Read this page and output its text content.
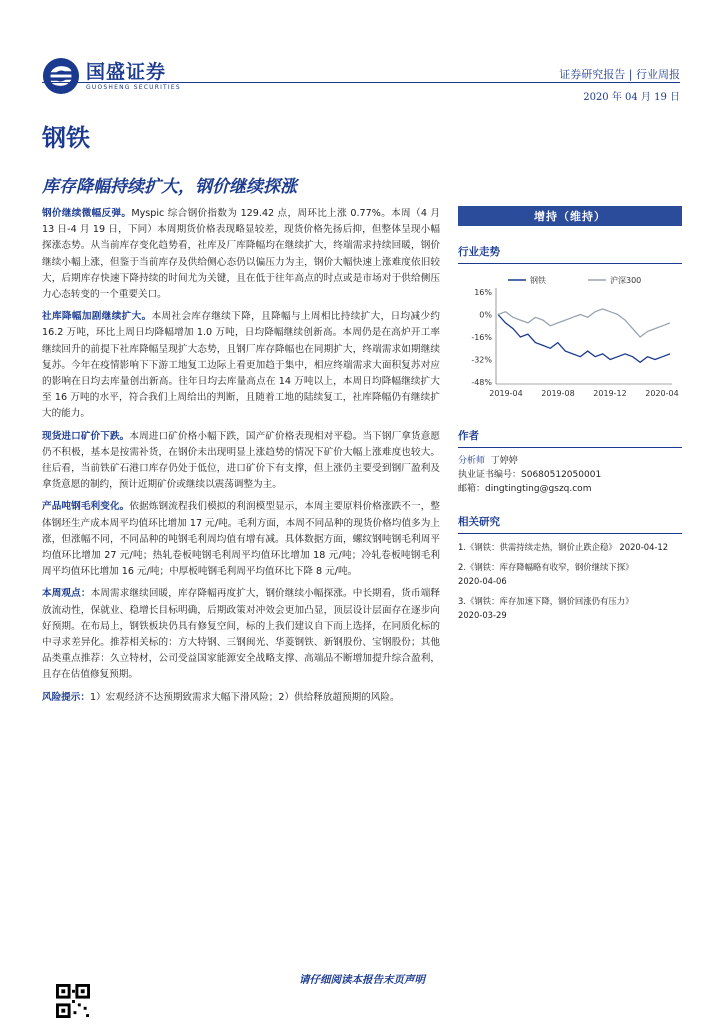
国盛证券
GUOSHENG SECURITIES
证券研究报告 | 行业周报
2020 年 04 月 19 日
钢铁
库存降幅持续扩大，钢价继续探涨

钢价继续微幅反弹。Myspic 综合钢价指数为 129.42 点，周环比上涨 0.77%。本周（4 月 13 日-4 月 19 日，下同）本周期货价格表现略显较差，现货价格先扬后抑，但整体呈现小幅探涨态势。从当前库存变化趋势看，社库及厂库降幅均在继续扩大，终端需求持续回暖，钢价继续小幅上涨，但鉴于当前库存及供给侧心态仍以偏压力为主，钢价大幅快速上涨难度依旧较大，后期库存快速下降持续的时间尤为关键，且在低于往年高点的时点或是市场对于供给侧压力心态转变的一个重要关口。

社库降幅加剧继续扩大。本周社会库存继续下降，且降幅与上周相比持续扩大，日均减少约 16.2 万吨，环比上周日均降幅增加 1.0 万吨，日均降幅继续创新高。本周仍是在高炉开工率继续回升的前提下社库降幅呈现扩大态势，且钢厂库存降幅也在同期扩大，终端需求如期继续复苏。今年在疫情影响下下游工地复工边际上看更加趋于集中，相应终端需求大面积复苏对应的影响在日均去库量创出新高。往年日均去库量高点在 14 万吨以上，本周日均降幅继续扩大至 16 万吨的水平，符合我们上周给出的判断，且随着工地的陆续复工，社库降幅仍有继续扩大的能力。

现货进口矿价下跌。本周进口矿价格小幅下跌，国产矿价格表现相对平稳。当下钢厂拿货意愿仍不积极，基本是按需补货，在钢价未出现明显上涨趋势的情况下矿价大幅上涨难度也较大。往后看，当前铁矿石港口库存仍处于低位，进口矿价下有支撑，但上涨仍主要受到钢厂盈利及拿货意愿的制约，预计近期矿价或继续以震荡调整为主。

产品吨钢毛利变化。依据炼钢流程我们模拟的利润模型显示，本周主要原料价格涨跌不一，整体钢坯生产成本周平均值环比增加 17 元/吨。毛利方面，本周不同品种的现货价格均值多为上涨，但涨幅不同，不同品种的吨钢毛利周均值有增有减。具体数据方面，螺纹钢吨钢毛利周平均值环比增加 27 元/吨；热轧卷板吨钢毛利周平均值环比增加 18 元/吨；冷轧卷板吨钢毛利周平均值环比增加 16 元/吨；中厚板吨钢毛利周平均值环比下降 8 元/吨。

本周观点：本周需求继续回暖，库存降幅再度扩大，钢价继续小幅探涨。中长期看，货币端释放流动性，保就业、稳增长目标明确，后期政策对冲效会更加凸显，顶层设计层面存在逐步向好预期。在布局上，钢铁板块仍具有修复空间，标的上我们建议自下而上选择，在同质化标的中寻求差异化。推荐相关标的：方大特钢、三钢闽光、华菱钢铁、新钢股份、宝钢股份；其他品类重点推荐：久立特材，公司受益国家能源安全战略支撑、高端品不断增加提升综合盈利，且存在估值修复预期。

风险提示：1）宏观经济不达预期致需求大幅下滑风险；2）供给释放超预期的风险。

增持（维持）
行业走势
16%
0%
-16%
-32%
-48%
2019-04 2019-08 2019-12 2020-04
钢铁	沪深300
作者
分析师 丁婷婷
执业证书编号：S0680512050001
邮箱：dingtingting@gszq.com
相关研究
1.《钢铁：供需持续走热，钢价止跌企稳》 2020-04-12
2.《钢铁：库存降幅略有收窄，钢价继续下探》
2020-04-06
3.《钢铁：库存加速下降，钢价回涨仍有压力》
2020-03-29
请仔细阅读本报告末页声明
